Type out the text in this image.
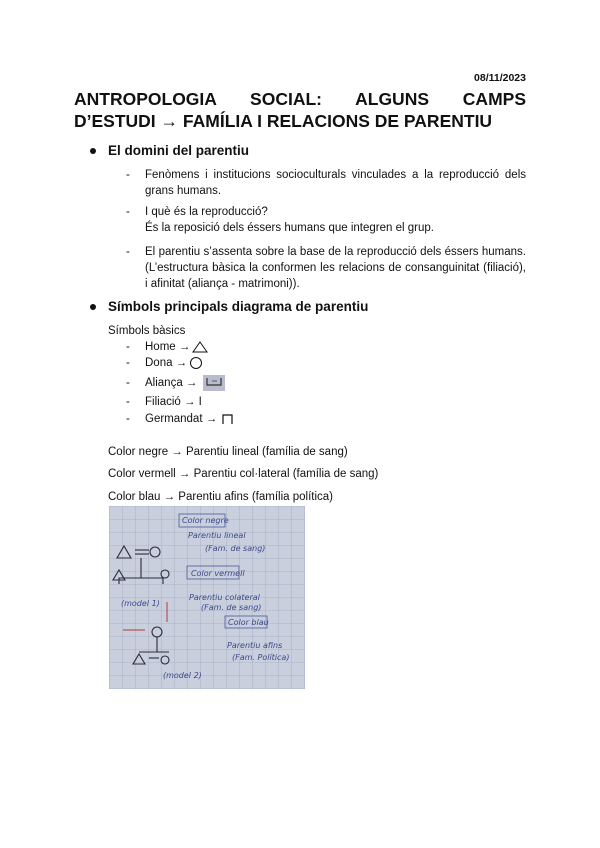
08/11/2023
ANTROPOLOGIA SOCIAL: ALGUNS CAMPS
D’ESTUDI → FAMÍLIA I RELACIONS DE PARENTIU
El domini del parentiu
- Fenòmens i institucions socioculturals vinculades a la reproducció dels grans humans.
- I què és la reproducció?
És la reposició dels éssers humans que integren el grup.
- El parentiu s’assenta sobre la base de la reproducció dels éssers humans. (L’estructura bàsica la conformen les relacions de consanguinitat (filiació), i afinitat (aliança - matrimoni)).
Símbols principals diagrama de parentiu
Símbols bàsics
-	Home →
-	Dona →
-	Aliança →
-	Filiació → I
-	Germandat →
Color negre → Parentiu lineal (família de sang)
Color vermell → Parentiu col·lateral (família de sang)
Color blau → Parentiu afins (família política)
Color negre
Parentiu lineal
(Fam. de sang)
Color vermell
Parentiu colateral
(Fam. de sang)
Color blau
Parentiu afins
(Fam. Política)
(model 1)
(model 2)
